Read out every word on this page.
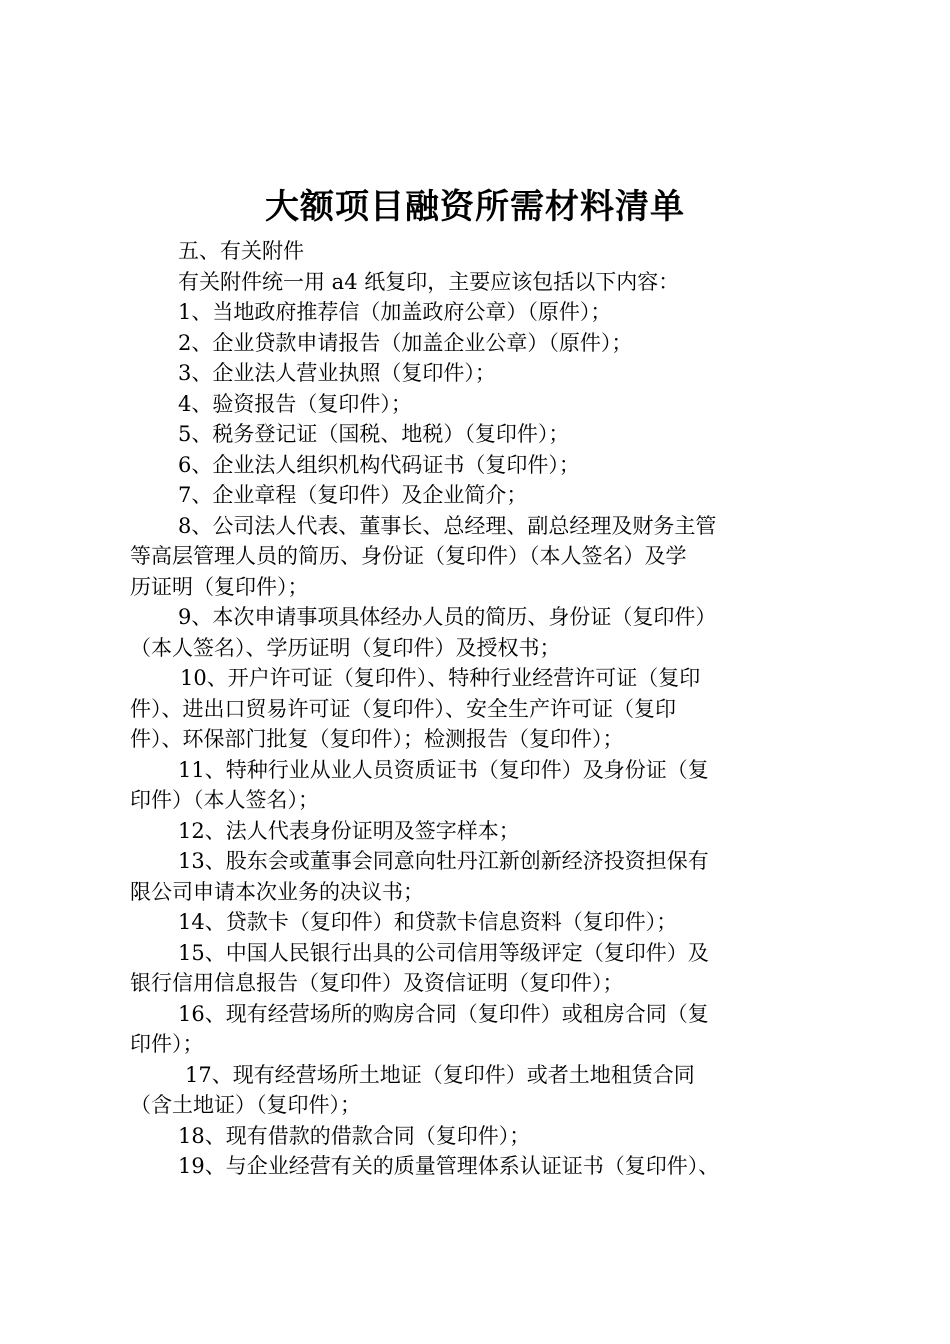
大额项目融资所需材料清单
五、有关附件
有关附件统一用 a4 纸复印，主要应该包括以下内容：
1、当地政府推荐信（加盖政府公章）（原件）；
2、企业贷款申请报告（加盖企业公章）（原件）；
3、企业法人营业执照（复印件）；
4、验资报告（复印件）；
5、税务登记证（国税、地税）（复印件）；
6、企业法人组织机构代码证书（复印件）；
7、企业章程（复印件）及企业简介；
8、公司法人代表、董事长、总经理、副总经理及财务主管
等高层管理人员的简历、身份证（复印件）（本人签名）及学
历证明（复印件）；
9、本次申请事项具体经办人员的简历、身份证（复印件）
（本人签名）、学历证明（复印件）及授权书；
10、开户许可证（复印件）、特种行业经营许可证（复印
件）、进出口贸易许可证（复印件）、安全生产许可证（复印
件）、环保部门批复（复印件）；检测报告（复印件）；
11、特种行业从业人员资质证书（复印件）及身份证（复
印件）（本人签名）；
12、法人代表身份证明及签字样本；
13、股东会或董事会同意向牡丹江新创新经济投资担保有
限公司申请本次业务的决议书；
14、贷款卡（复印件）和贷款卡信息资料（复印件）；
15、中国人民银行出具的公司信用等级评定（复印件）及
银行信用信息报告（复印件）及资信证明（复印件）；
16、现有经营场所的购房合同（复印件）或租房合同（复
印件）；
17、现有经营场所土地证（复印件）或者土地租赁合同
（含土地证）（复印件）；
18、现有借款的借款合同（复印件）；
19、与企业经营有关的质量管理体系认证证书（复印件）、
